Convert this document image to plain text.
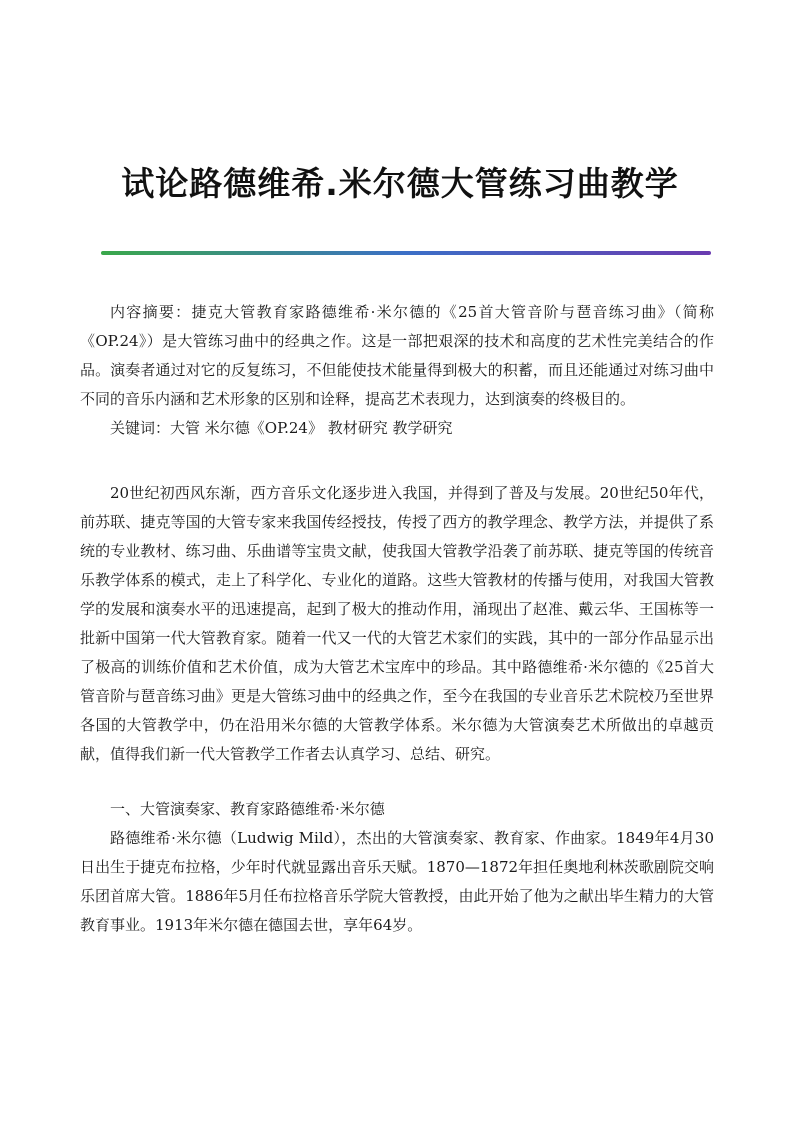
试论路德维希.米尔德大管练习曲教学

内容摘要：捷克大管教育家路德维希·米尔德的《25首大管音阶与琶音练习曲》（简称《OP.24》）是大管练习曲中的经典之作。这是一部把艰深的技术和高度的艺术性完美结合的作品。演奏者通过对它的反复练习，不但能使技术能量得到极大的积蓄，而且还能通过对练习曲中不同的音乐内涵和艺术形象的区别和诠释，提高艺术表现力，达到演奏的终极目的。

关键词：大管 米尔德《OP.24》 教材研究 教学研究

20世纪初西风东渐，西方音乐文化逐步进入我国，并得到了普及与发展。20世纪50年代，前苏联、捷克等国的大管专家来我国传经授技，传授了西方的教学理念、教学方法，并提供了系统的专业教材、练习曲、乐曲谱等宝贵文献，使我国大管教学沿袭了前苏联、捷克等国的传统音乐教学体系的模式，走上了科学化、专业化的道路。这些大管教材的传播与使用，对我国大管教学的发展和演奏水平的迅速提高，起到了极大的推动作用，涌现出了赵准、戴云华、王国栋等一批新中国第一代大管教育家。随着一代又一代的大管艺术家们的实践，其中的一部分作品显示出了极高的训练价值和艺术价值，成为大管艺术宝库中的珍品。其中路德维希·米尔德的《25首大管音阶与琶音练习曲》更是大管练习曲中的经典之作，至今在我国的专业音乐艺术院校乃至世界各国的大管教学中，仍在沿用米尔德的大管教学体系。米尔德为大管演奏艺术所做出的卓越贡献，值得我们新一代大管教学工作者去认真学习、总结、研究。

一、大管演奏家、教育家路德维希·米尔德

路德维希·米尔德（Ludwig Mild），杰出的大管演奏家、教育家、作曲家。1849年4月30日出生于捷克布拉格，少年时代就显露出音乐天赋。1870—1872年担任奥地利林茨歌剧院交响乐团首席大管。1886年5月任布拉格音乐学院大管教授，由此开始了他为之献出毕生精力的大管教育事业。1913年米尔德在德国去世，享年64岁。
